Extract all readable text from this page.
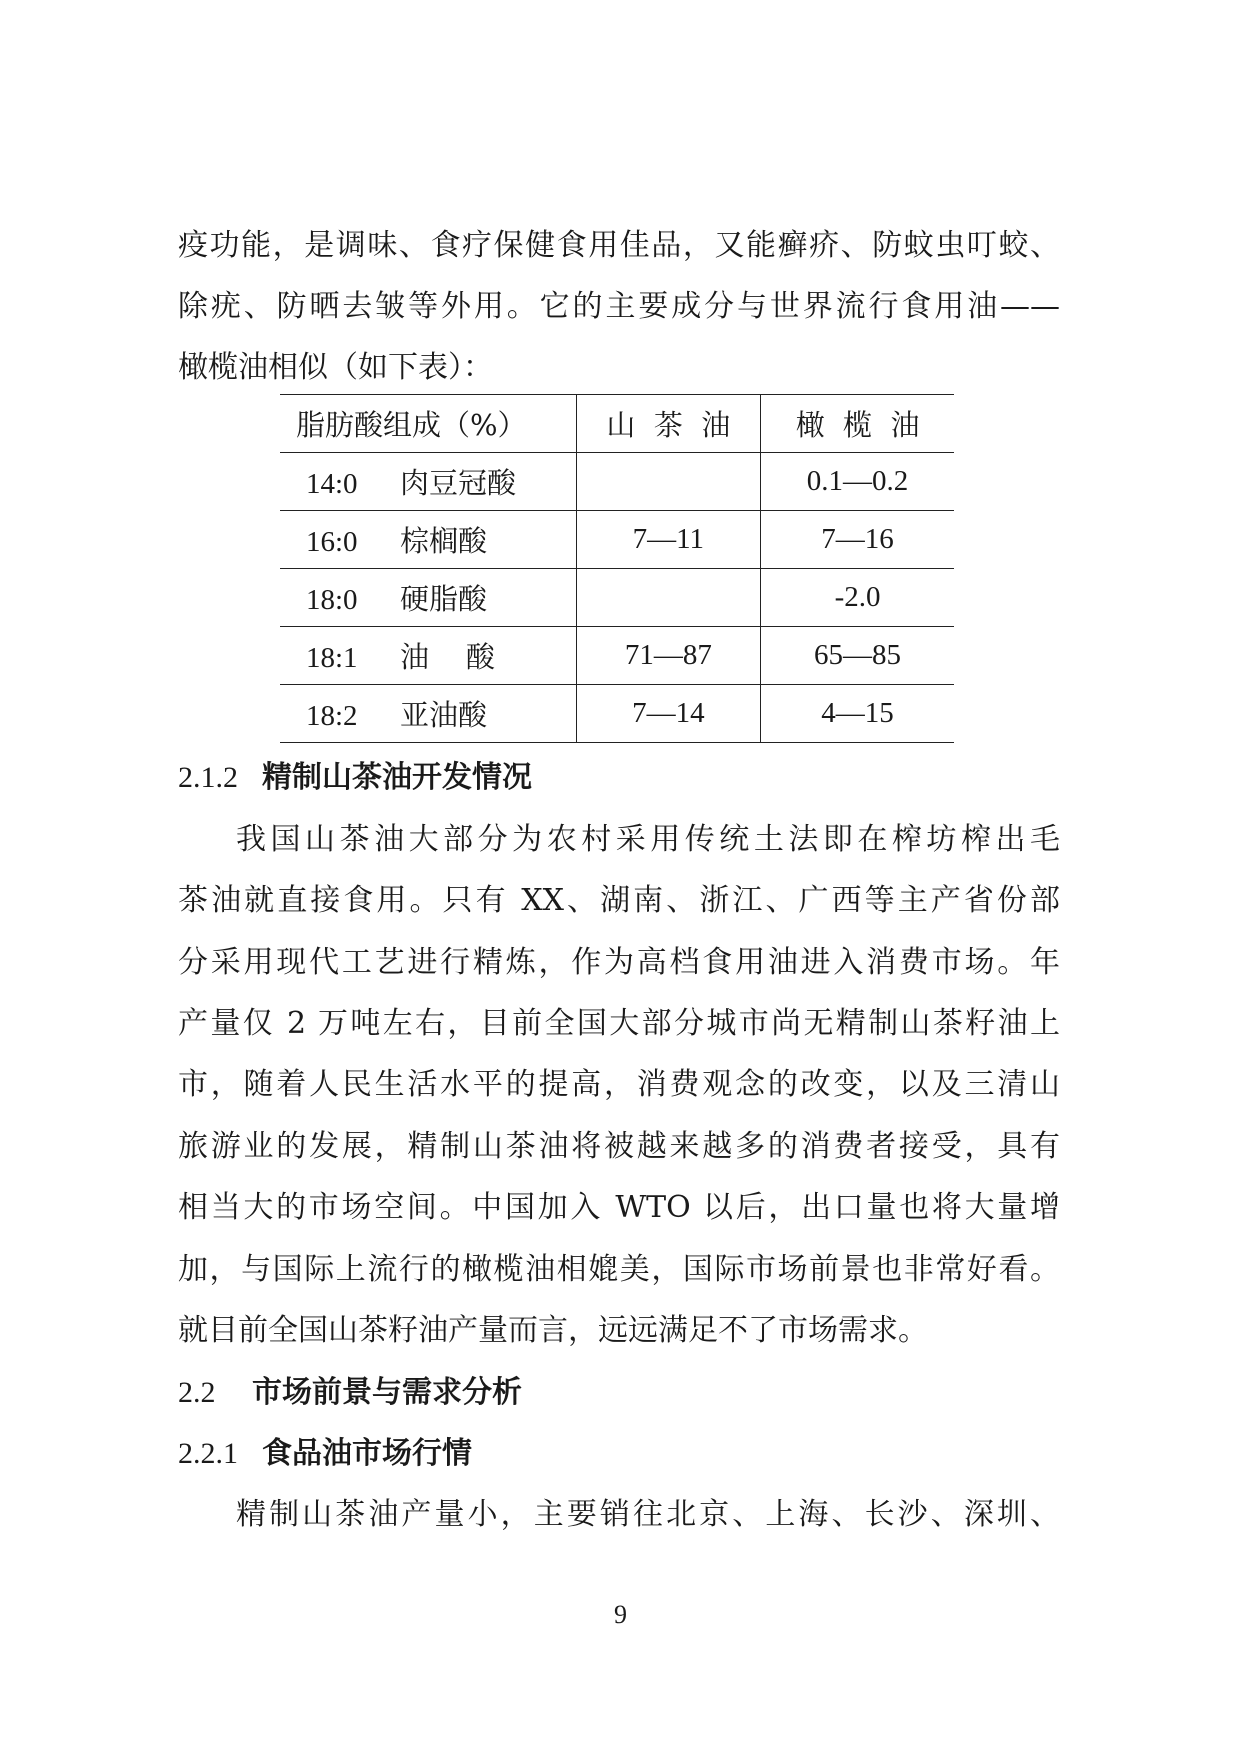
疫功能，是调味、食疗保健食用佳品，又能癣疥、防蚊虫叮蛟、
除疣、防晒去皱等外用。它的主要成分与世界流行食用油——
橄榄油相似（如下表）：
脂肪酸组成（%）	山  茶  油	橄  榄  油
14:0 肉豆冠酸		0.1—0.2
16:0 棕榈酸	7—11	7—16
18:0 硬脂酸		-2.0
18:1 油    酸	71—87	65—85
18:2 亚油酸	7—14	4—15
2.1.2 精制山茶油开发情况
我国山茶油大部分为农村采用传统土法即在榨坊榨出毛
茶油就直接食用。只有 XX、湖南、浙江、广西等主产省份部
分采用现代工艺进行精炼，作为高档食用油进入消费市场。年
产量仅 2 万吨左右，目前全国大部分城市尚无精制山茶籽油上
市，随着人民生活水平的提高，消费观念的改变，以及三清山
旅游业的发展，精制山茶油将被越来越多的消费者接受，具有
相当大的市场空间。中国加入 WTO 以后，出口量也将大量增
加，与国际上流行的橄榄油相媲美，国际市场前景也非常好看。
就目前全国山茶籽油产量而言，远远满足不了市场需求。
2.2 市场前景与需求分析
2.2.1 食品油市场行情
精制山茶油产量小，主要销往北京、上海、长沙、深圳、
9
